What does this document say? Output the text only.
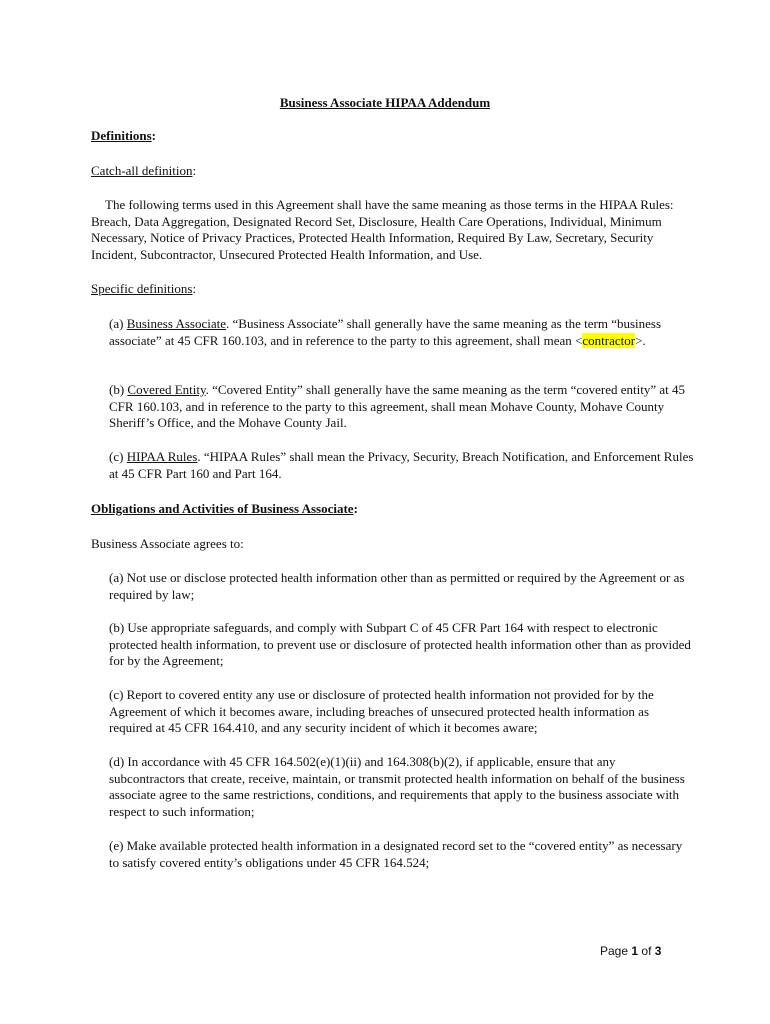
Business Associate HIPAA Addendum

Definitions:

Catch-all definition:

The following terms used in this Agreement shall have the same meaning as those terms in the HIPAA Rules: Breach, Data Aggregation, Designated Record Set, Disclosure, Health Care Operations, Individual, Minimum Necessary, Notice of Privacy Practices, Protected Health Information, Required By Law, Secretary, Security Incident, Subcontractor, Unsecured Protected Health Information, and Use.

Specific definitions:

(a) Business Associate. “Business Associate” shall generally have the same meaning as the term “business associate” at 45 CFR 160.103, and in reference to the party to this agreement, shall mean <contractor>.

(b) Covered Entity. “Covered Entity” shall generally have the same meaning as the term “covered entity” at 45 CFR 160.103, and in reference to the party to this agreement, shall mean Mohave County, Mohave County Sheriff’s Office, and the Mohave County Jail.

(c) HIPAA Rules. “HIPAA Rules” shall mean the Privacy, Security, Breach Notification, and Enforcement Rules at 45 CFR Part 160 and Part 164.

Obligations and Activities of Business Associate:

Business Associate agrees to:

(a) Not use or disclose protected health information other than as permitted or required by the Agreement or as required by law;

(b) Use appropriate safeguards, and comply with Subpart C of 45 CFR Part 164 with respect to electronic protected health information, to prevent use or disclosure of protected health information other than as provided for by the Agreement;

(c) Report to covered entity any use or disclosure of protected health information not provided for by the Agreement of which it becomes aware, including breaches of unsecured protected health information as required at 45 CFR 164.410, and any security incident of which it becomes aware;

(d) In accordance with 45 CFR 164.502(e)(1)(ii) and 164.308(b)(2), if applicable, ensure that any subcontractors that create, receive, maintain, or transmit protected health information on behalf of the business associate agree to the same restrictions, conditions, and requirements that apply to the business associate with respect to such information;

(e) Make available protected health information in a designated record set to the “covered entity” as necessary to satisfy covered entity’s obligations under 45 CFR 164.524;

Page 1 of 3
